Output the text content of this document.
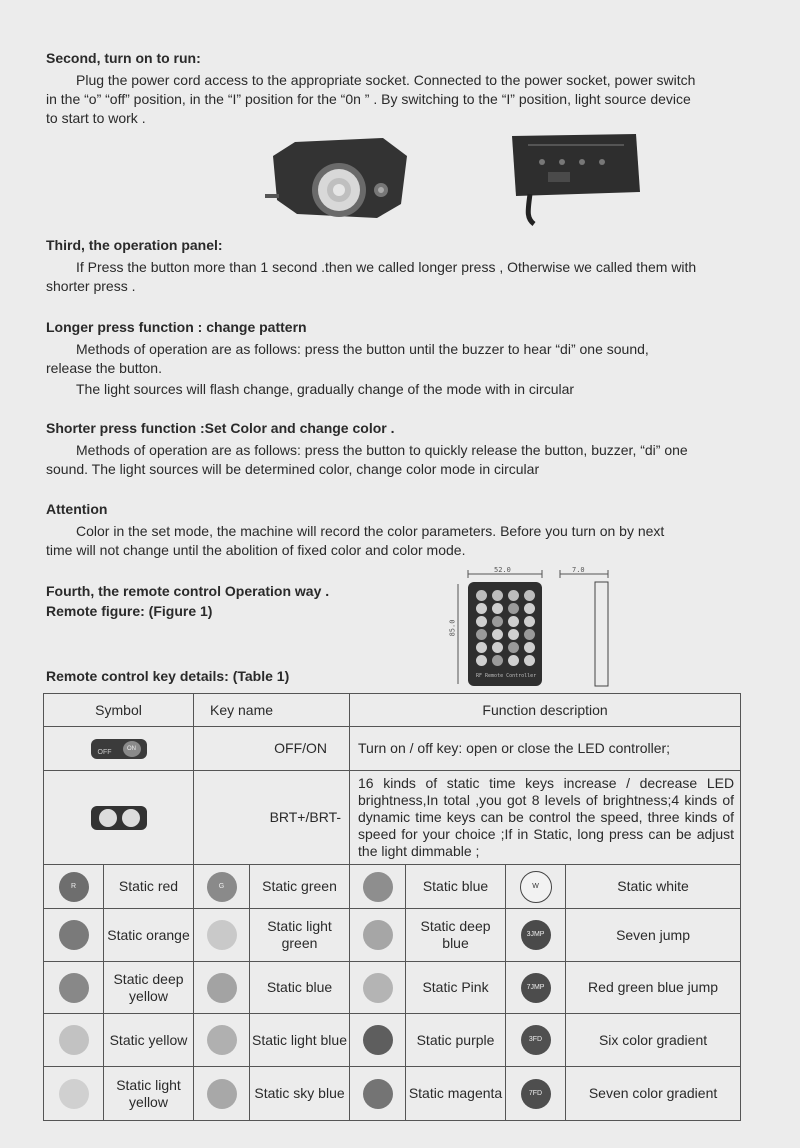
Second, turn on to run:
Plug the power cord access to the appropriate socket. Connected to the power socket, power switch
in the “o” “off” position, in the “I” position for the “0n ” . By switching to the “I” position, light source device
to start to work .
Third, the operation panel:
If Press the button more than 1 second .then we called longer press , Otherwise we called them with
shorter press .
Longer press function : change pattern
Methods of operation are as follows: press the button until the buzzer to hear “di” one sound,
release the button.
The light sources will flash change, gradually change of the mode with in circular
Shorter press function :Set Color and change color .
Methods of operation are as follows: press the button to quickly release the button, buzzer, “di” one
sound. The light sources will be determined color, change color mode in circular
Attention
Color in the set mode, the machine will record the color parameters. Before you turn on by next
time will not change until the abolition of fixed color and color mode.
Fourth, the remote control Operation way .
Remote figure: (Figure 1)
Remote control key details: (Table 1)
52.0	7.0
85.0
RF Remote Controller
Symbol		Key name		Function description			

OFF ON		OFF/ON		Turn on / off key: open or close the LED controller;			

		BRT+/BRT-		16 kinds of static time keys increase / decrease LED brightness,In total ,you got 8 levels of brightness;4 kinds of dynamic time keys can be control the speed, three kinds of speed for your choice ;If in Static, long press can be adjust the light dimmable ;			

R	Static red	G	Static green		Static blue	W	Static white
	Static orange		Static light green		Static deep blue	3JMP	Seven jump
	Static deep yellow		Static blue		Static Pink	7JMP	Red green blue jump
	Static yellow		Static light blue		Static purple	3FD	Six color gradient
	Static light yellow		Static sky blue		Static magenta	7FD	Seven color gradient
